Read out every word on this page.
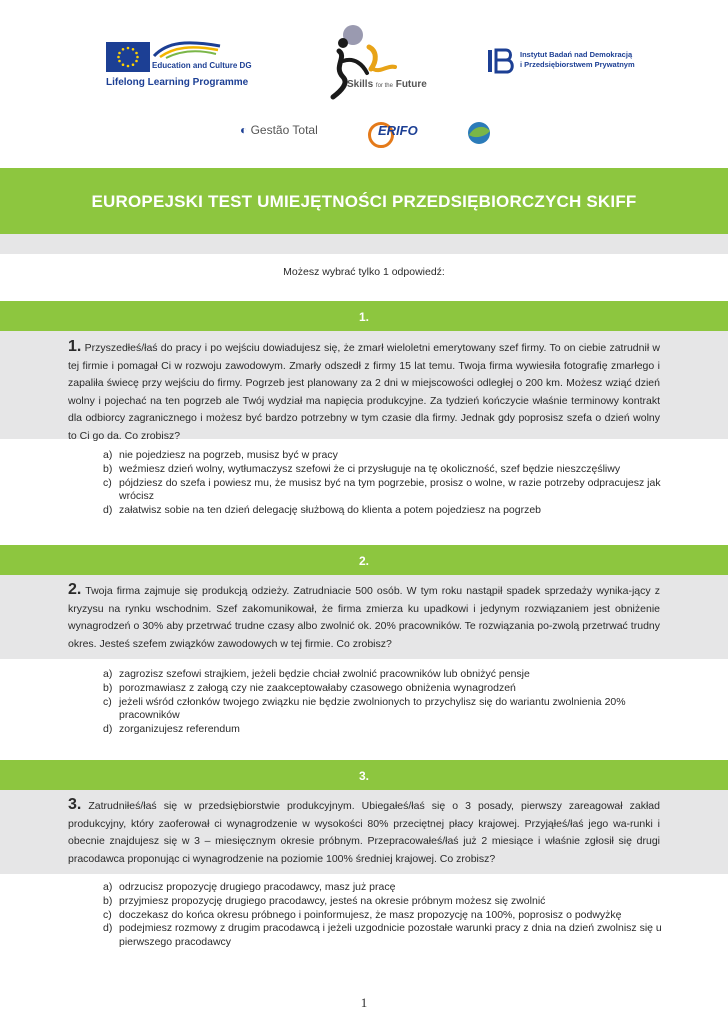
Education and Culture DG
Lifelong Learning Programme	Skills for the Future
Instytut Badań nad Demokracją
i Przedsiębiorstwem Prywatnym
◐ Gestão Total	ERIFO
EUROPEJSKI TEST UMIEJĘTNOŚCI PRZEDSIĘBIORCZYCH SKIFF
Możesz wybrać tylko 1 odpowiedź:
1.
1. Przyszedłeś/łaś do pracy i po wejściu dowiadujesz się, że zmarł wieloletni emerytowany szef firmy. To on ciebie zatrudnił w tej firmie i pomagał Ci w rozwoju zawodowym. Zmarły odszedł z firmy 15 lat temu. Twoja firma wywiesiła fotografię zmarłego i zapaliła świecę przy wejściu do firmy. Pogrzeb jest planowany za 2 dni w miejscowości odległej o 200 km. Możesz wziąć dzień wolny i pojechać na ten pogrzeb ale Twój wydział ma napięcia produkcyjne. Za tydzień kończycie właśnie terminowy kontrakt dla odbiorcy zagranicznego i możesz być bardzo potrzebny w tym czasie dla firmy. Jednak gdy poprosisz szefa o dzień wolny to Ci go da. Co zrobisz?
a) nie pojedziesz na pogrzeb, musisz być w pracy
b) weźmiesz dzień wolny, wytłumaczysz szefowi że ci przysługuje na tę okoliczność, szef będzie nieszczęśliwy
c) pójdziesz do szefa i powiesz mu, że musisz być na tym pogrzebie, prosisz o wolne, w razie potrzeby odpracujesz jak wrócisz
d) załatwisz sobie na ten dzień delegację służbową do klienta a potem pojedziesz na pogrzeb
2.
2. Twoja firma zajmuje się produkcją odzieży. Zatrudniacie 500 osób. W tym roku nastąpił spadek sprzedaży wynika-jący z kryzysu na rynku wschodnim. Szef zakomunikował, że firma zmierza ku upadkowi i jedynym rozwiązaniem jest obniżenie wynagrodzeń o 30% aby przetrwać trudne czasy albo zwolnić ok. 20% pracowników. Te rozwiązania po-zwolą przetrwać trudny okres. Jesteś szefem związków zawodowych w tej firmie. Co zrobisz?
a) zagrozisz szefowi strajkiem, jeżeli będzie chciał zwolnić pracowników lub obniżyć pensje
b) porozmawiasz z załogą czy nie zaakceptowałaby czasowego obniżenia wynagrodzeń
c) jeżeli wśród członków twojego związku nie będzie zwolnionych to przychylisz się do wariantu zwolnienia 20% pracowników
d) zorganizujesz referendum
3.
3. Zatrudniłeś/łaś się w przedsiębiorstwie produkcyjnym. Ubiegałeś/łaś się o 3 posady, pierwszy zareagował zakład produkcyjny, który zaoferował ci wynagrodzenie w wysokości 80% przeciętnej płacy krajowej. Przyjąłeś/łaś jego wa-runki i obecnie znajdujesz się w 3 – miesięcznym okresie próbnym. Przepracowałeś/łaś już 2 miesiące i właśnie zgłosił się drugi pracodawca proponując ci wynagrodzenie na poziomie 100% średniej krajowej. Co zrobisz?
a) odrzucisz propozycję drugiego pracodawcy, masz już pracę
b) przyjmiesz propozycję drugiego pracodawcy, jesteś na okresie próbnym możesz się zwolnić
c) doczekasz do końca okresu próbnego i poinformujesz, że masz propozycję na 100%, poprosisz o podwyżkę
d) podejmiesz rozmowy z drugim pracodawcą i jeżeli uzgodnicie pozostałe warunki pracy z dnia na dzień zwolnisz się u pierwszego pracodawcy
1
